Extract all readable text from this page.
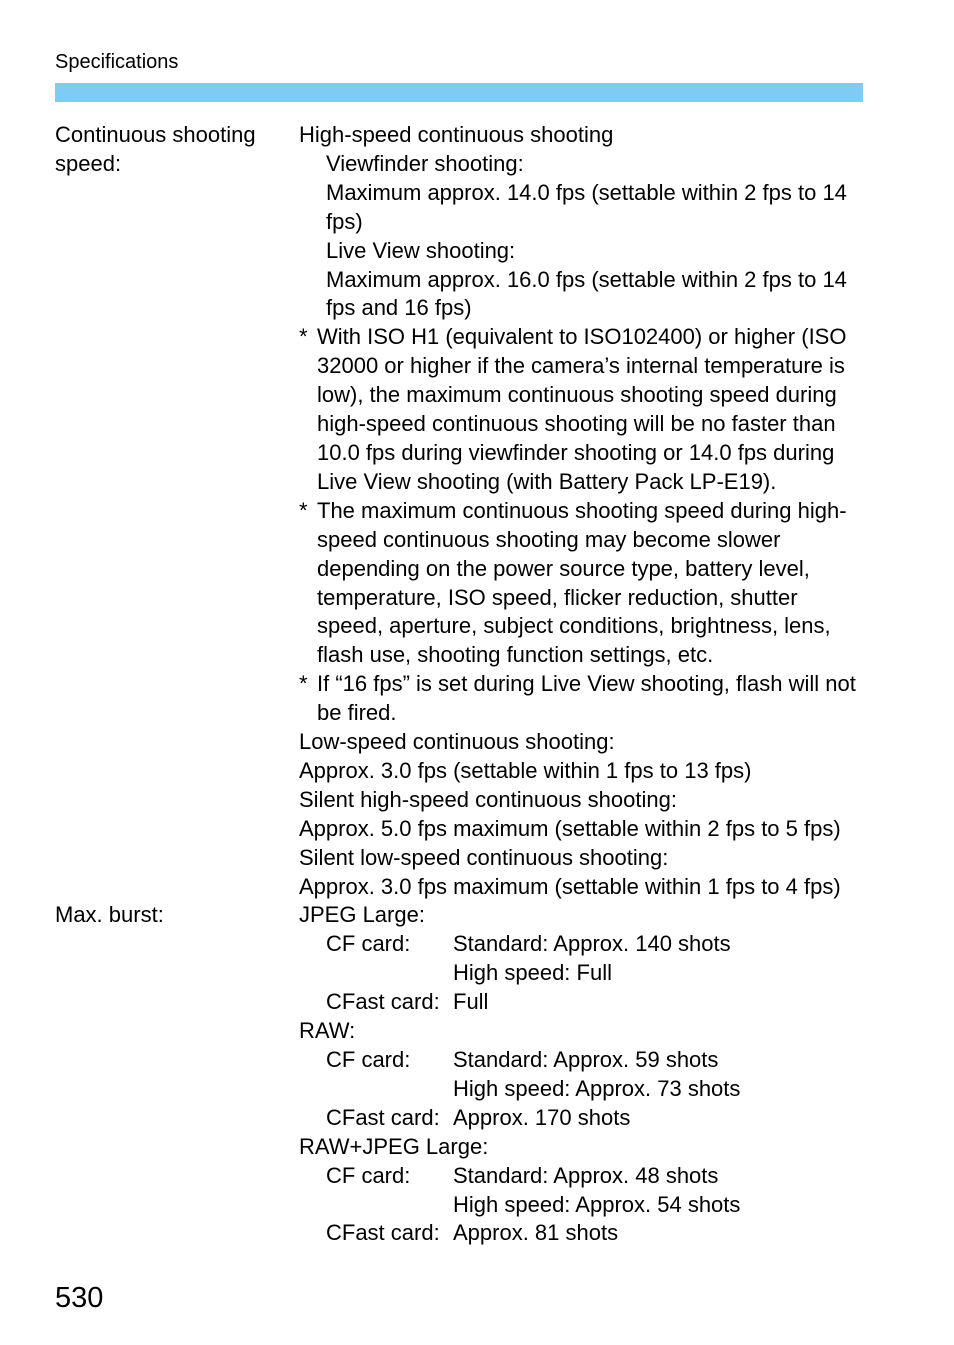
Specifications
Continuous shooting speed:
High-speed continuous shooting
Viewfinder shooting:
Maximum approx. 14.0 fps (settable within 2 fps to 14 fps)
Live View shooting:
Maximum approx. 16.0 fps (settable within 2 fps to 14 fps and 16 fps)
* With ISO H1 (equivalent to ISO102400) or higher (ISO 32000 or higher if the camera’s internal temperature is low), the maximum continuous shooting speed during high-speed continuous shooting will be no faster than 10.0 fps during viewfinder shooting or 14.0 fps during Live View shooting (with Battery Pack LP-E19).
* The maximum continuous shooting speed during high-speed continuous shooting may become slower depending on the power source type, battery level, temperature, ISO speed, flicker reduction, shutter speed, aperture, subject conditions, brightness, lens, flash use, shooting function settings, etc.
* If “16 fps” is set during Live View shooting, flash will not be fired.
Low-speed continuous shooting:
Approx. 3.0 fps (settable within 1 fps to 13 fps)
Silent high-speed continuous shooting:
Approx. 5.0 fps maximum (settable within 2 fps to 5 fps)
Silent low-speed continuous shooting:
Approx. 3.0 fps maximum (settable within 1 fps to 4 fps)
Max. burst:	JPEG Large:
CF card:	Standard: Approx. 140 shots
High speed: Full
CFast card: Full
RAW:
CF card:	Standard: Approx. 59 shots
High speed: Approx. 73 shots
CFast card: Approx. 170 shots
RAW+JPEG Large:
CF card:	Standard: Approx. 48 shots
High speed: Approx. 54 shots
CFast card: Approx. 81 shots
530
